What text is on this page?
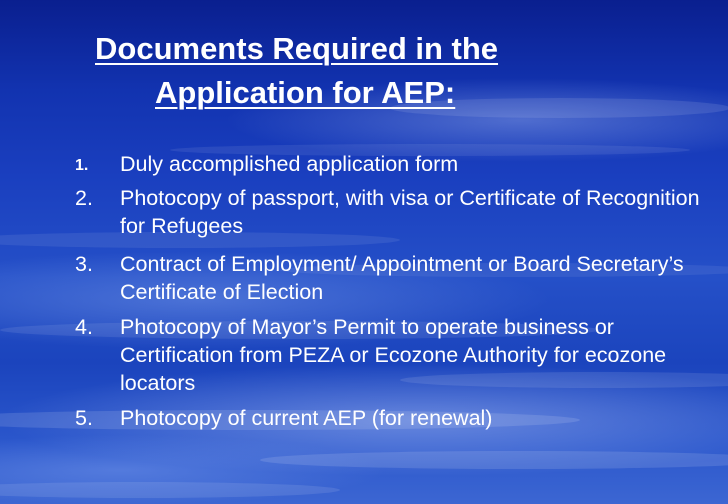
Documents Required in the
Application for AEP:
1. Duly accomplished application form
2. Photocopy of passport, with visa or Certificate of Recognition for Refugees
3. Contract of Employment/ Appointment or Board Secretary’s Certificate of Election
4. Photocopy of Mayor’s Permit to operate business or Certification from PEZA or Ecozone Authority for ecozone locators
5. Photocopy of current AEP (for renewal)
